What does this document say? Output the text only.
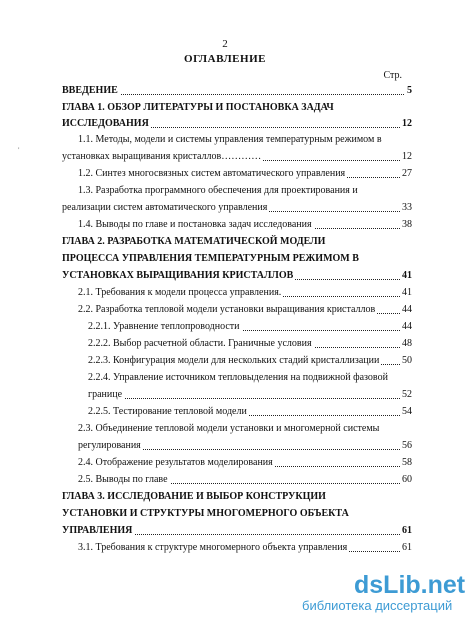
2
ОГЛАВЛЕНИЕ
Стр.
,
ВВЕДЕНИЕ	5
ГЛАВА 1. ОБЗОР ЛИТЕРАТУРЫ И ПОСТАНОВКА ЗАДАЧ
ИССЛЕДОВАНИЯ	12
1.1. Методы, модели и системы управления температурным режимом в
установках выращивания кристаллов…………	12
1.2. Синтез многосвязных систем автоматического управления	27
1.3. Разработка программного обеспечения для проектирования и
реализации систем автоматического управления	33
1.4. Выводы по главе и постановка задач исследования	38
ГЛАВА 2. РАЗРАБОТКА МАТЕМАТИЧЕСКОЙ МОДЕЛИ
ПРОЦЕССА УПРАВЛЕНИЯ ТЕМПЕРАТУРНЫМ РЕЖИМОМ В
УСТАНОВКАХ ВЫРАЩИВАНИЯ КРИСТАЛЛОВ	41
2.1. Требования к модели процесса управления.	41
2.2. Разработка тепловой модели установки выращивания кристаллов	44
2.2.1. Уравнение теплопроводности	44
2.2.2. Выбор расчетной области. Граничные условия	48
2.2.3. Конфигурация модели для нескольких стадий кристаллизации 50
2.2.4. Управление источником тепловыделения на подвижной фазовой
границе	52
2.2.5. Тестирование тепловой модели	54
2.3. Объединение тепловой модели установки и многомерной системы
регулирования	56
2.4. Отображение результатов моделирования	58
2.5. Выводы по главе	60
ГЛАВА 3. ИССЛЕДОВАНИЕ И ВЫБОР КОНСТРУКЦИИ
УСТАНОВКИ И СТРУКТУРЫ МНОГОМЕРНОГО ОБЪЕКТА
УПРАВЛЕНИЯ	61
3.1. Требования к структуре многомерного объекта управления	61
dsLib.net
библиотека диссертаций
